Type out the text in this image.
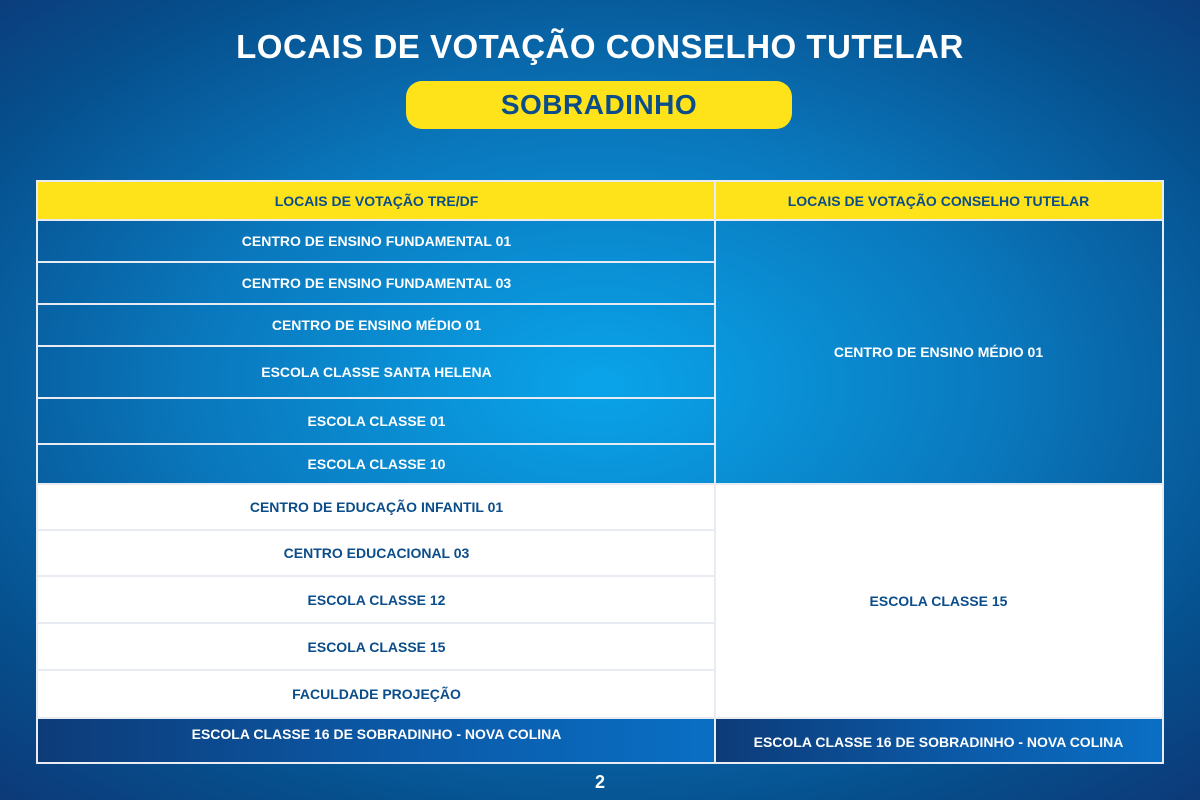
LOCAIS DE VOTAÇÃO CONSELHO TUTELAR
SOBRADINHO
LOCAIS DE VOTAÇÃO TRE/DF	LOCAIS DE VOTAÇÃO CONSELHO TUTELAR
CENTRO DE ENSINO FUNDAMENTAL 01
CENTRO DE ENSINO FUNDAMENTAL 03
CENTRO DE ENSINO MÉDIO 01
ESCOLA CLASSE SANTA HELENA
ESCOLA CLASSE 01
ESCOLA CLASSE 10
CENTRO DE ENSINO MÉDIO 01
CENTRO DE EDUCAÇÃO INFANTIL 01
CENTRO EDUCACIONAL 03
ESCOLA CLASSE 12
ESCOLA CLASSE 15
FACULDADE PROJEÇÃO
ESCOLA CLASSE 15
ESCOLA CLASSE 16 DE SOBRADINHO - NOVA COLINA	ESCOLA CLASSE 16 DE SOBRADINHO - NOVA COLINA
2
